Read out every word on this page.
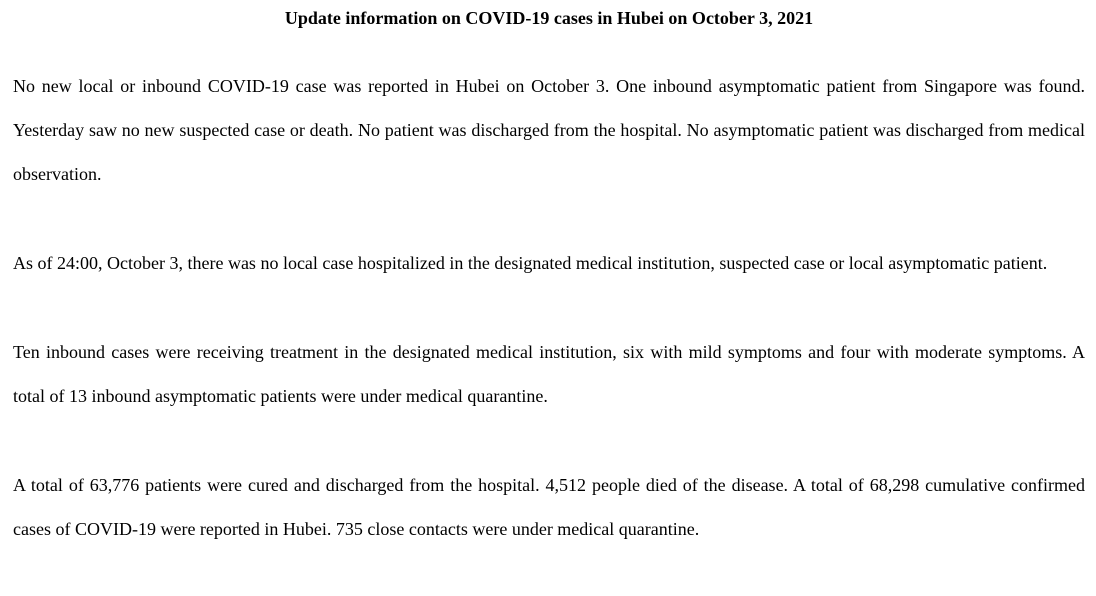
Update information on COVID-19 cases in Hubei on October 3, 2021

No new local or inbound COVID-19 case was reported in Hubei on October 3. One inbound asymptomatic patient from Singapore was found. Yesterday saw no new suspected case or death. No patient was discharged from the hospital. No asymptomatic patient was discharged from medical observation.

As of 24:00, October 3, there was no local case hospitalized in the designated medical institution, suspected case or local asymptomatic patient.

Ten inbound cases were receiving treatment in the designated medical institution, six with mild symptoms and four with moderate symptoms. A total of 13 inbound asymptomatic patients were under medical quarantine.

A total of 63,776 patients were cured and discharged from the hospital. 4,512 people died of the disease. A total of 68,298 cumulative confirmed cases of COVID-19 were reported in Hubei. 735 close contacts were under medical quarantine.
